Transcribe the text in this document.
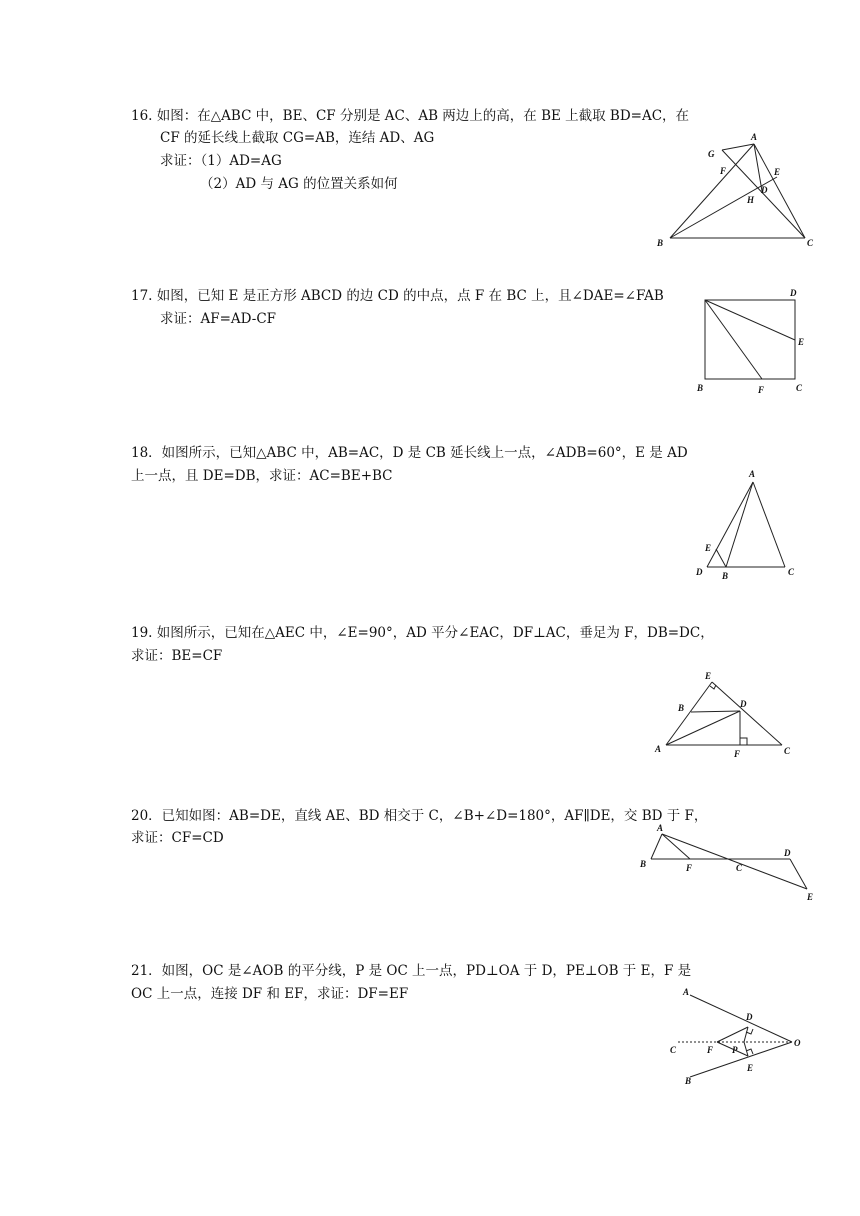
16. 如图：在△ABC 中，BE、CF 分别是 AC、AB 两边上的高，在 BE 上截取 BD=AC，在
CF 的延长线上截取 CG=AB，连结 AD、AG
求证：（1）AD=AG
（2）AD 与 AG 的位置关系如何
A
G
F	E
D
H
B	C
17. 如图，已知 E 是正方形 ABCD 的边 CD 的中点，点 F 在 BC 上，且∠DAE=∠FAB
求证：AF=AD-CF
D
E
B	F	C
18．如图所示，已知△ABC 中，AB=AC，D 是 CB 延长线上一点，∠ADB=60°，E 是 AD
上一点，且 DE=DB，求证：AC=BE+BC	A
E
D B	C
19. 如图所示，已知在△AEC 中，∠E=90°，AD 平分∠EAC，DF⊥AC，垂足为 F，DB=DC，
求证：BE=CF
E
B	D
A	F	C
20．已知如图：AB=DE，直线 AE、BD 相交于 C，∠B+∠D=180°，AF∥DE，交 BD 于 F，
求证：CF=CD
A
B	F	C
D
E
21．如图，OC 是∠AOB 的平分线，P 是 OC 上一点，PD⊥OA 于 D，PE⊥OB 于 E，F 是
OC 上一点，连接 DF 和 EF，求证：DF=EF	A
D
C	F P
O
E
B
